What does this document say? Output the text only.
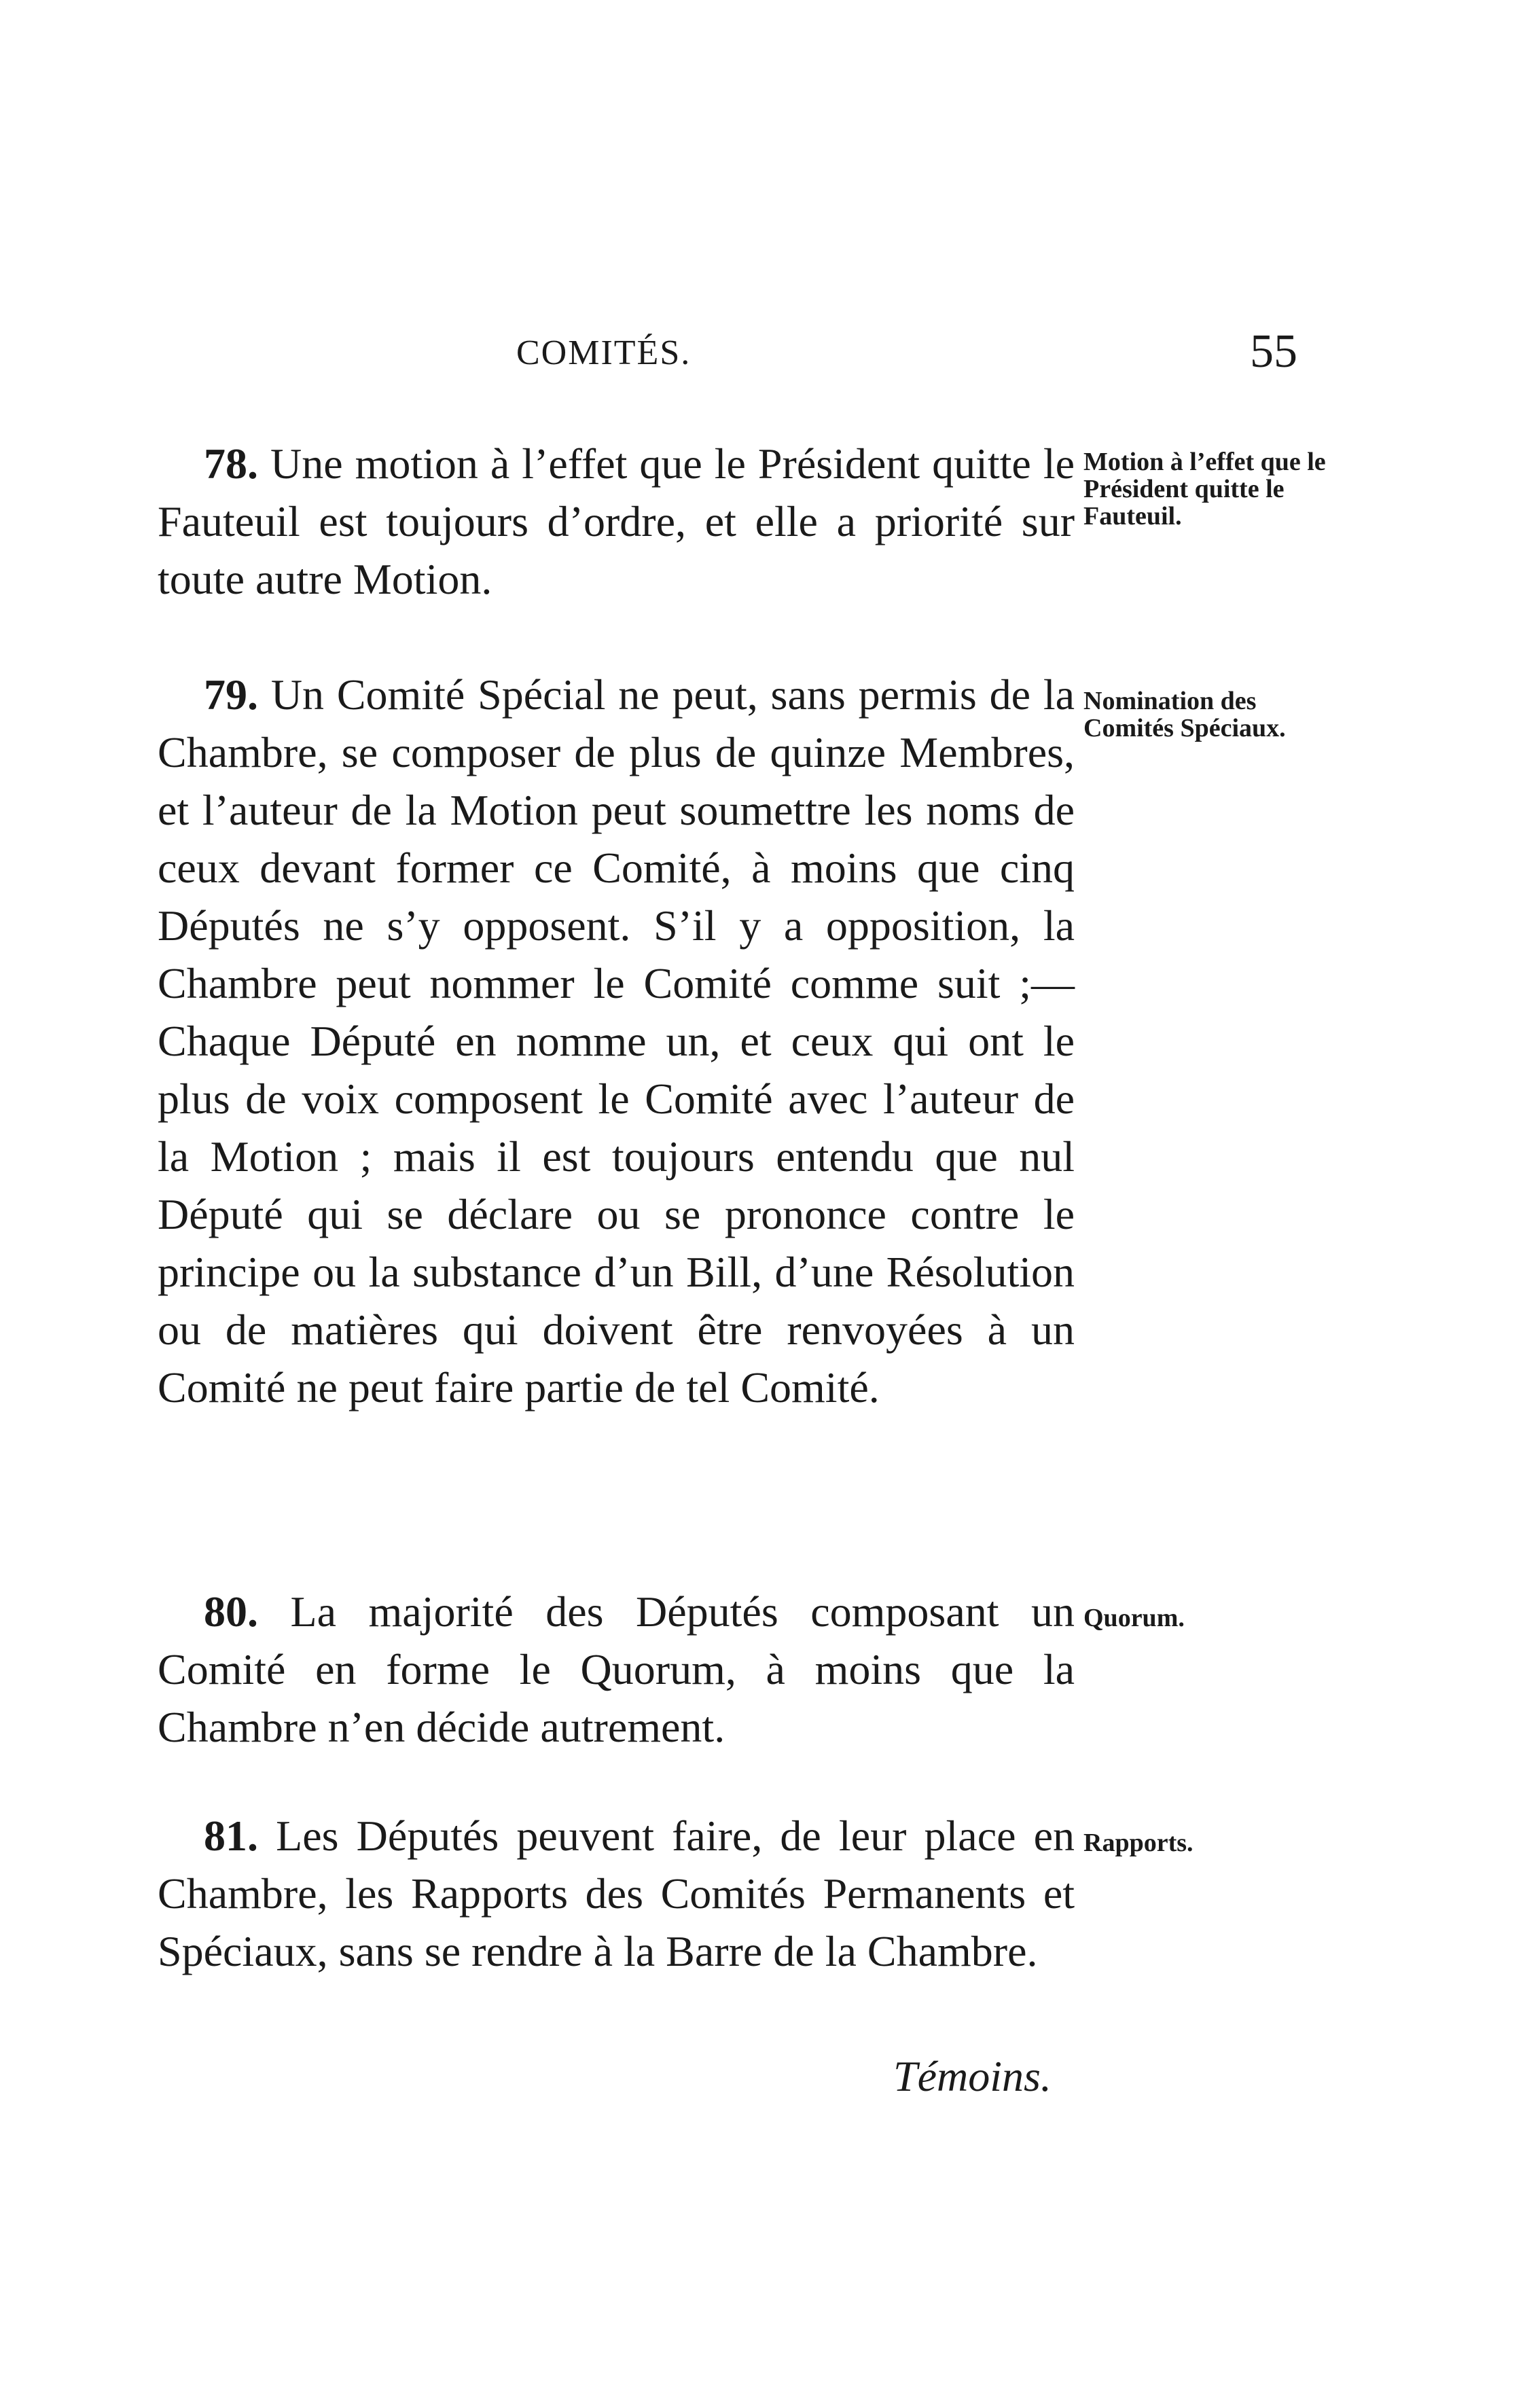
COMITÉS.	55
78. Une motion à l’effet que le Président quitte le Fauteuil est toujours d’ordre, et elle a priorité sur toute autre Motion.
Motion à l’effet que le Président quitte le Fauteuil.
79. Un Comité Spécial ne peut, sans permis de la Chambre, se composer de plus de quinze Membres, et l’auteur de la Motion peut soumettre les noms de ceux devant former ce Comité, à moins que cinq Députés ne s’y opposent. S’il y a opposition, la Chambre peut nommer le Comité comme suit ;—Chaque Député en nomme un, et ceux qui ont le plus de voix composent le Comité avec l’auteur de la Motion ; mais il est toujours entendu que nul Député qui se déclare ou se prononce contre le principe ou la substance d’un Bill, d’une Résolution ou de matières qui doivent être renvoyées à un Comité ne peut faire partie de tel Comité.
Nomination des Comités Spéciaux.
80. La majorité des Députés composant un Comité en forme le Quorum, à moins que la Chambre n’en décide autrement.
Quorum.
81. Les Députés peuvent faire, de leur place en Chambre, les Rapports des Comités Permanents et Spéciaux, sans se rendre à la Barre de la Chambre.
Rapports.
Témoins.
